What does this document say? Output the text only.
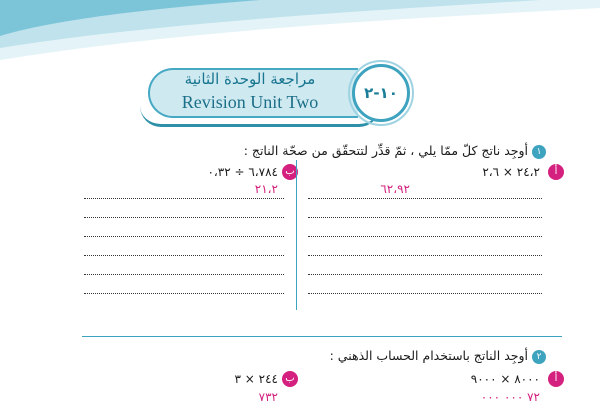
مراجعة الوحدة الثانية
Revision Unit Two	١٠-٢
١أوجِد ناتج كلّ ممّا يلي ، ثمّ قدِّر لتتحقّق من صحّة الناتج :
أ
٢٤،٢ × ٢،٦
٦٢،٩٢
ب
٦،٧٨٤ ÷ ٠،٣٢
٢١،٢
٢أوجِد الناتج باستخدام الحساب الذهني :
أ
٨٠٠٠ × ٩٠٠٠
٧٢ ٠٠٠ ٠٠٠
ب
٢٤٤ × ٣
٧٣٢
